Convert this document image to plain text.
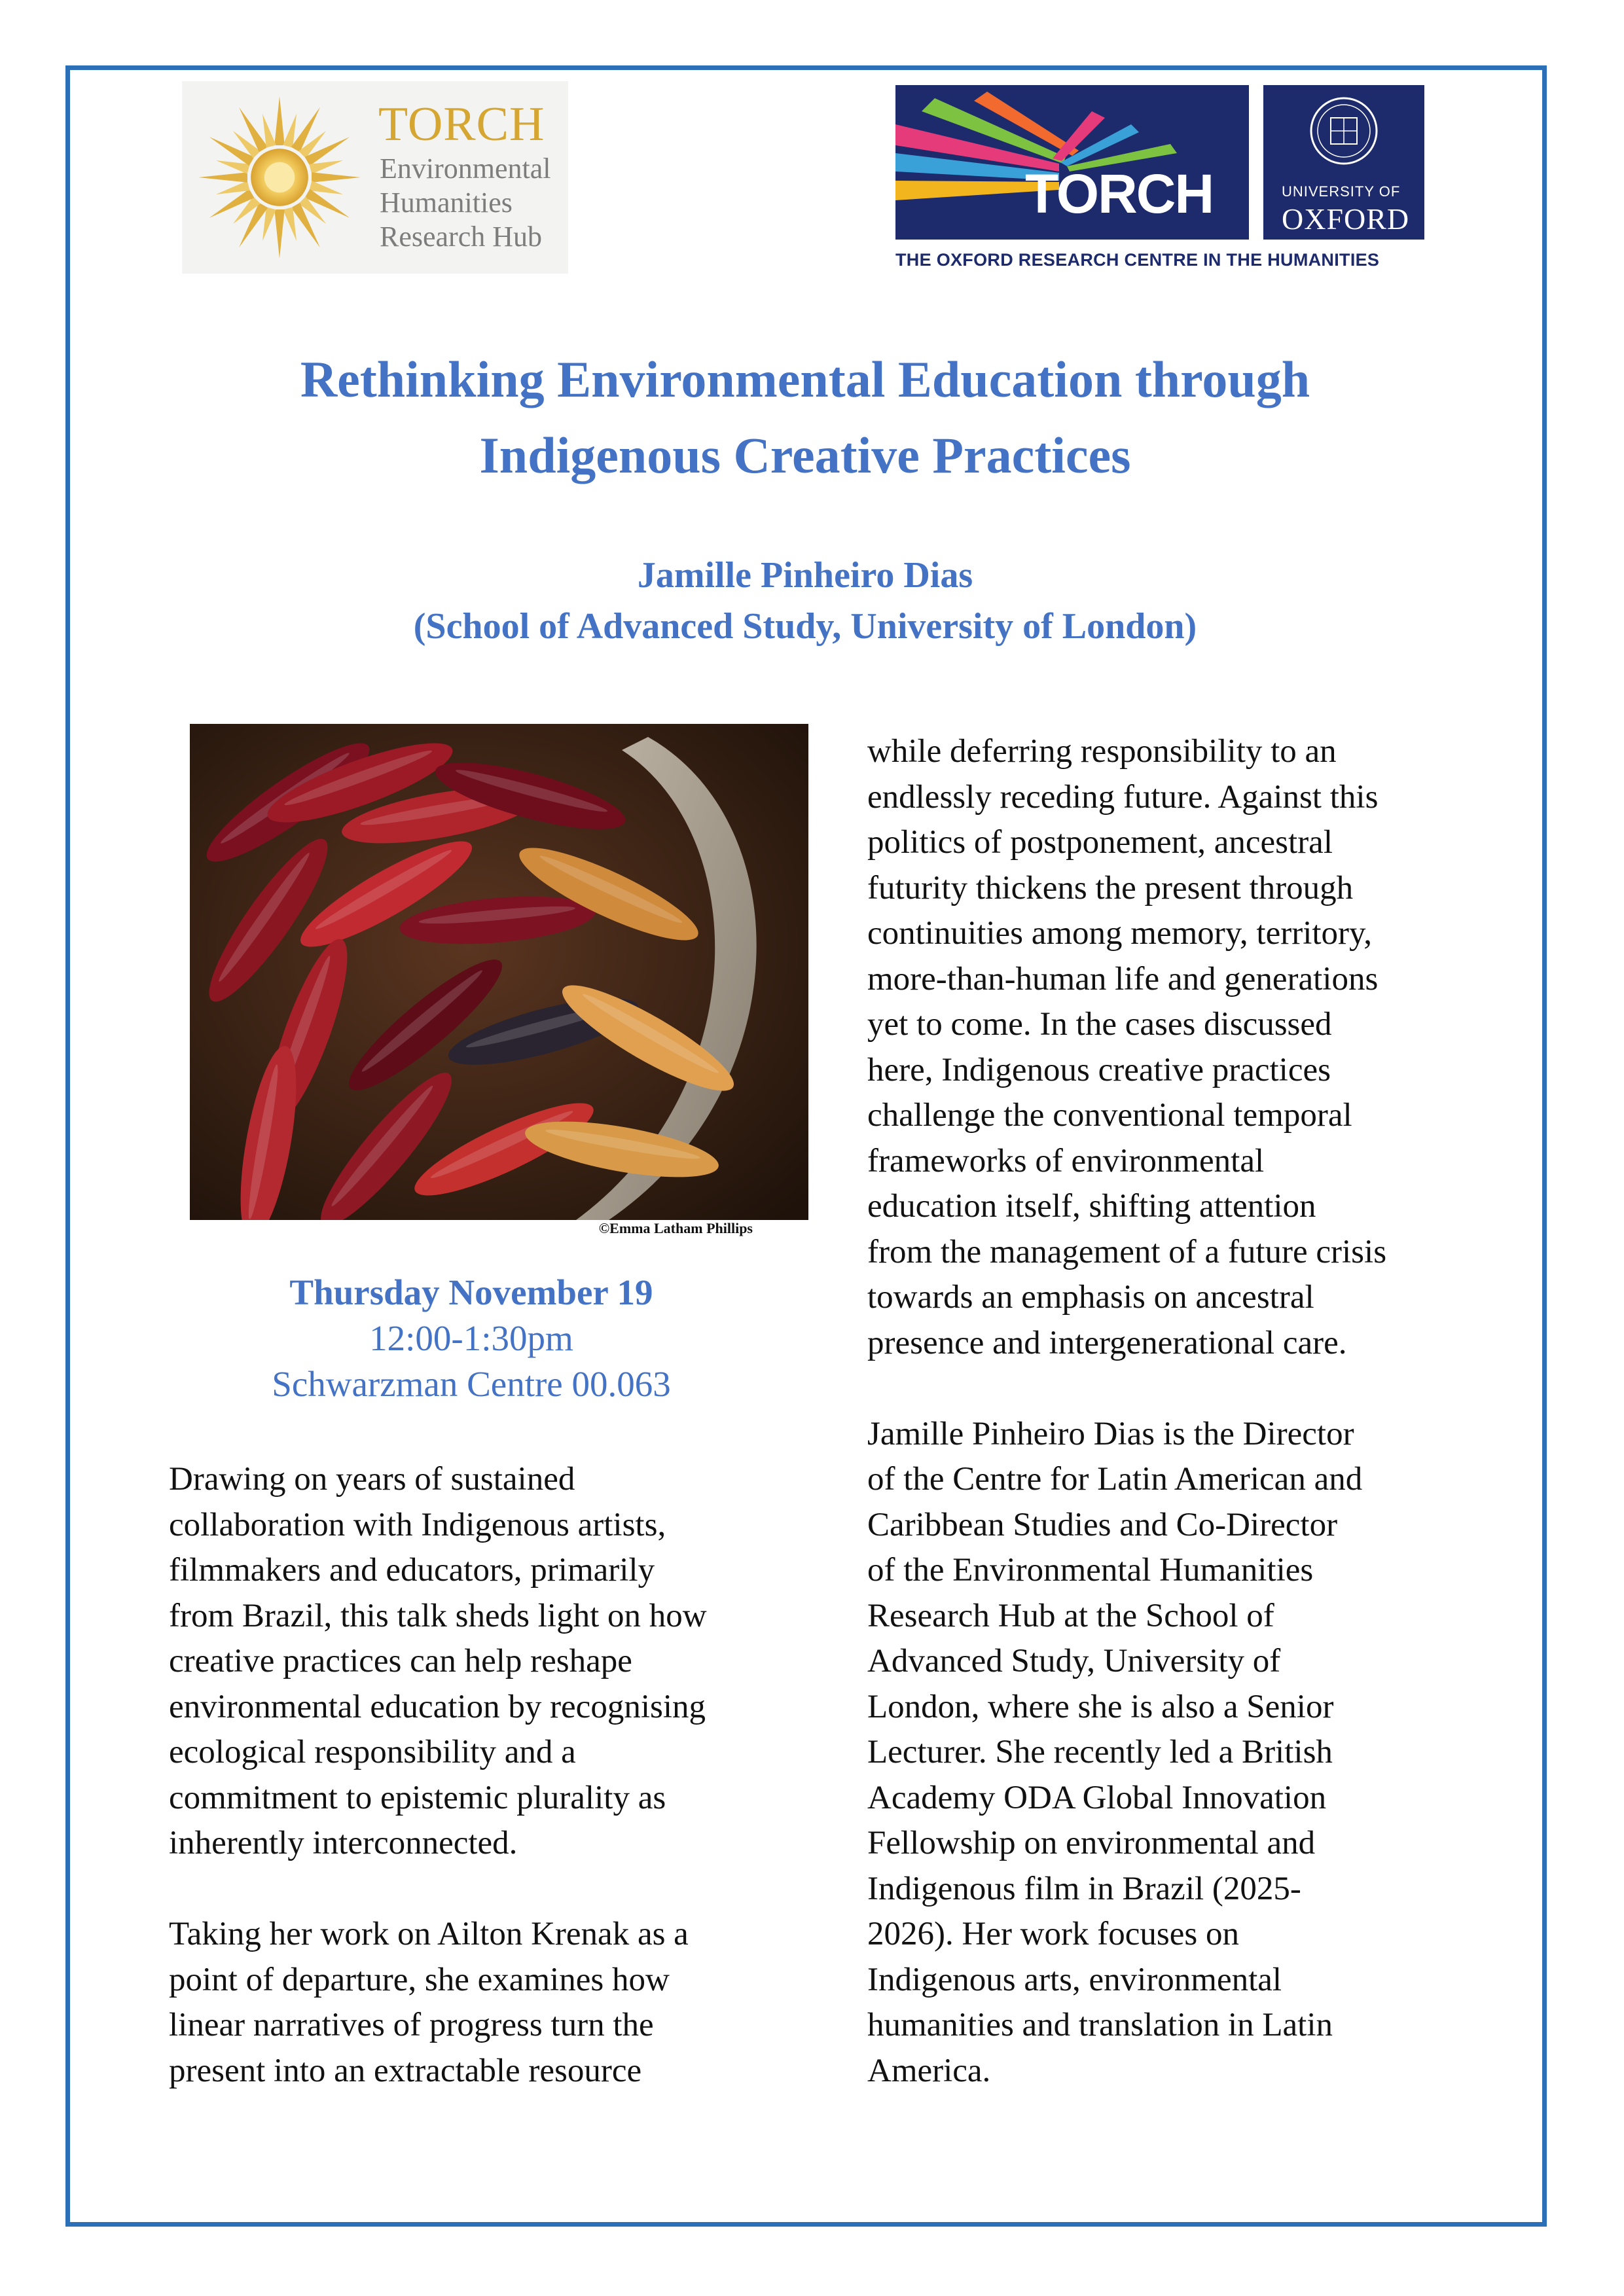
TORCH
Environmental
Humanities
Research Hub
TORCH	UNIVERSITY OF
OXFORD
THE OXFORD RESEARCH CENTRE IN THE HUMANITIES
Rethinking Environmental Education through
Indigenous Creative Practices
Jamille Pinheiro Dias
(School of Advanced Study, University of London)
©Emma Latham Phillips
Thursday November 19
12:00-1:30pm
Schwarzman Centre 00.063

Drawing on years of sustained
collaboration with Indigenous artists,
filmmakers and educators, primarily
from Brazil, this talk sheds light on how
creative practices can help reshape
environmental education by recognising
ecological responsibility and a
commitment to epistemic plurality as
inherently interconnected.

Taking her work on Ailton Krenak as a
point of departure, she examines how
linear narratives of progress turn the
present into an extractable resource

while deferring responsibility to an
endlessly receding future. Against this
politics of postponement, ancestral
futurity thickens the present through
continuities among memory, territory,
more-than-human life and generations
yet to come. In the cases discussed
here, Indigenous creative practices
challenge the conventional temporal
frameworks of environmental
education itself, shifting attention
from the management of a future crisis
towards an emphasis on ancestral
presence and intergenerational care.

Jamille Pinheiro Dias is the Director
of the Centre for Latin American and
Caribbean Studies and Co-Director
of the Environmental Humanities
Research Hub at the School of
Advanced Study, University of
London, where she is also a Senior
Lecturer. She recently led a British
Academy ODA Global Innovation
Fellowship on environmental and
Indigenous film in Brazil (2025-
2026). Her work focuses on
Indigenous arts, environmental
humanities and translation in Latin
America.
